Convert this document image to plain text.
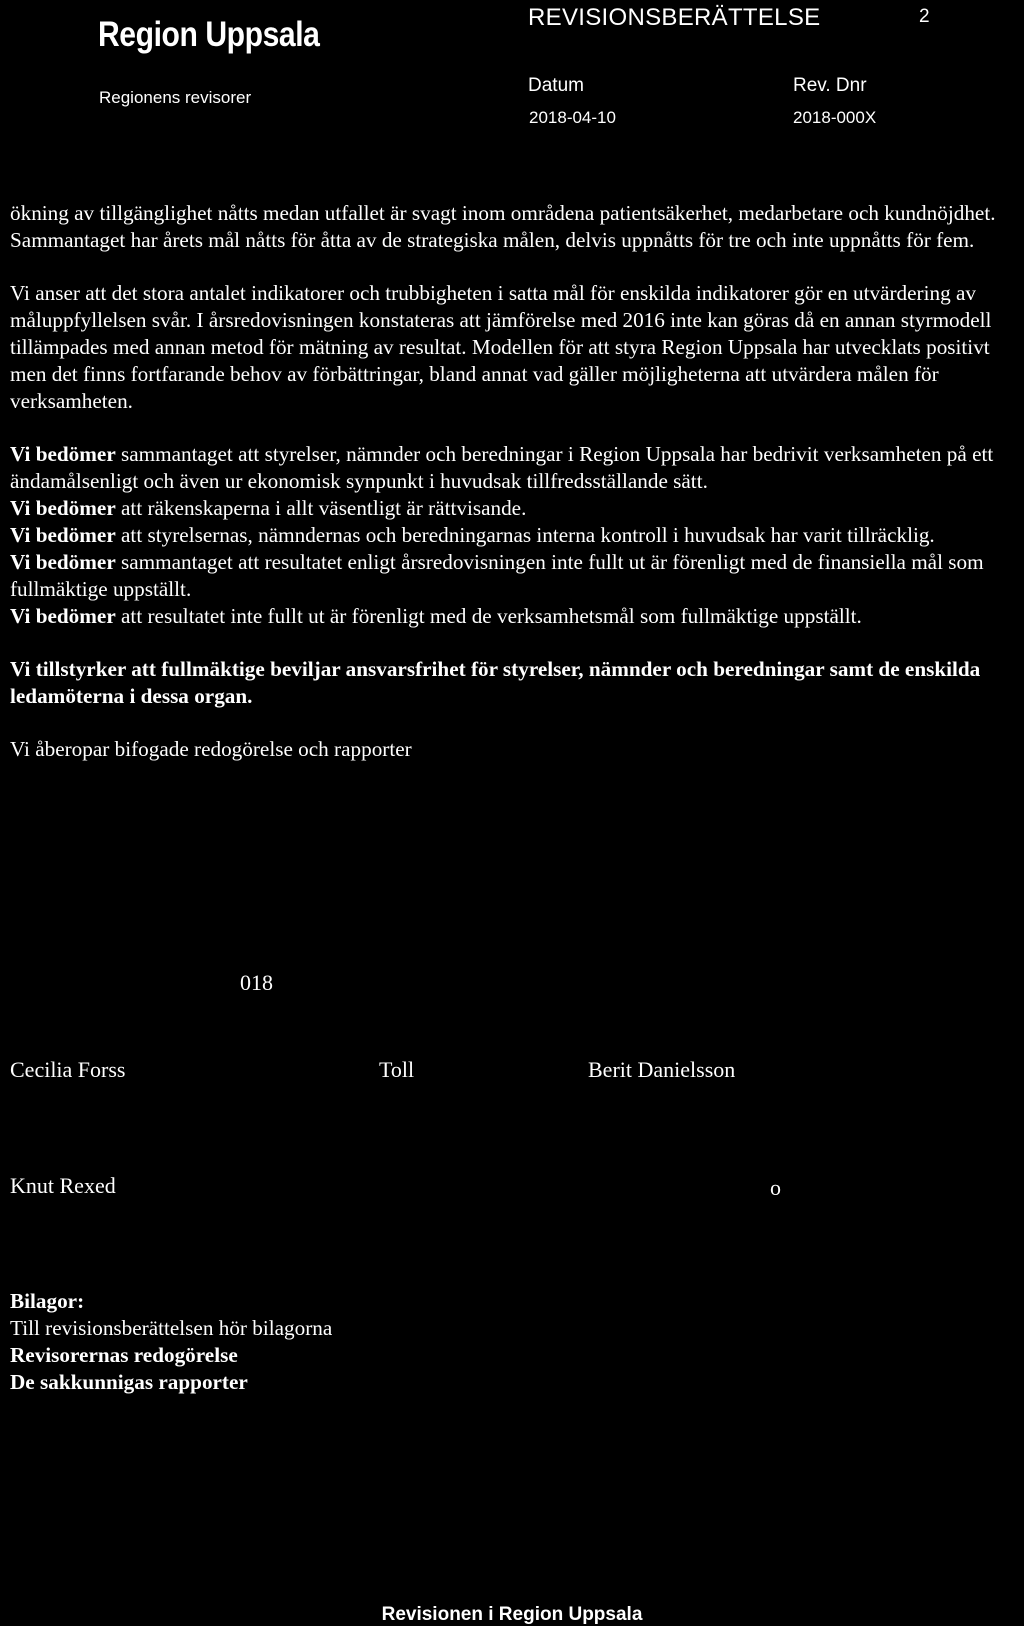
Region Uppsala
Regionens revisorer
REVISIONSBERÄTTELSE	2
Datum
2018-04-10
Rev. Dnr
2018-000X

ökning av tillgänglighet nåtts medan utfallet är svagt inom områdena patientsäkerhet, medarbetare och kundnöjdhet. Sammantaget har årets mål nåtts för åtta av de strategiska målen, delvis uppnåtts för tre och inte uppnåtts för fem.

Vi anser att det stora antalet indikatorer och trubbigheten i satta mål för enskilda indikatorer gör en utvärdering av måluppfyllelsen svår. I årsredovisningen konstateras att jämförelse med 2016 inte kan göras då en annan styrmodell tillämpades med annan metod för mätning av resultat. Modellen för att styra Region Uppsala har utvecklats positivt men det finns fortfarande behov av förbättringar, bland annat vad gäller möjligheterna att utvärdera målen för verksamheten.

Vi bedömer sammantaget att styrelser, nämnder och beredningar i Region Uppsala har bedrivit verksamheten på ett ändamålsenligt och även ur ekonomisk synpunkt i huvudsak tillfredsställande sätt.

Vi bedömer att räkenskaperna i allt väsentligt är rättvisande.

Vi bedömer att styrelsernas, nämndernas och beredningarnas interna kontroll i huvudsak har varit tillräcklig.

Vi bedömer sammantaget att resultatet enligt årsredovisningen inte fullt ut är förenligt med de finansiella mål som fullmäktige uppställt.

Vi bedömer att resultatet inte fullt ut är förenligt med de verksamhetsmål som fullmäktige uppställt.

Vi tillstyrker att fullmäktige beviljar ansvarsfrihet för styrelser, nämnder och beredningar samt de enskilda ledamöterna i dessa organ.

Vi åberopar bifogade redogörelse och rapporter

018
Cecilia Forss	Toll	Berit Danielsson
Knut Rexed	o

Bilagor:

Till revisionsberättelsen hör bilagorna

Revisorernas redogörelse

De sakkunnigas rapporter

Revisionen i Region Uppsala
